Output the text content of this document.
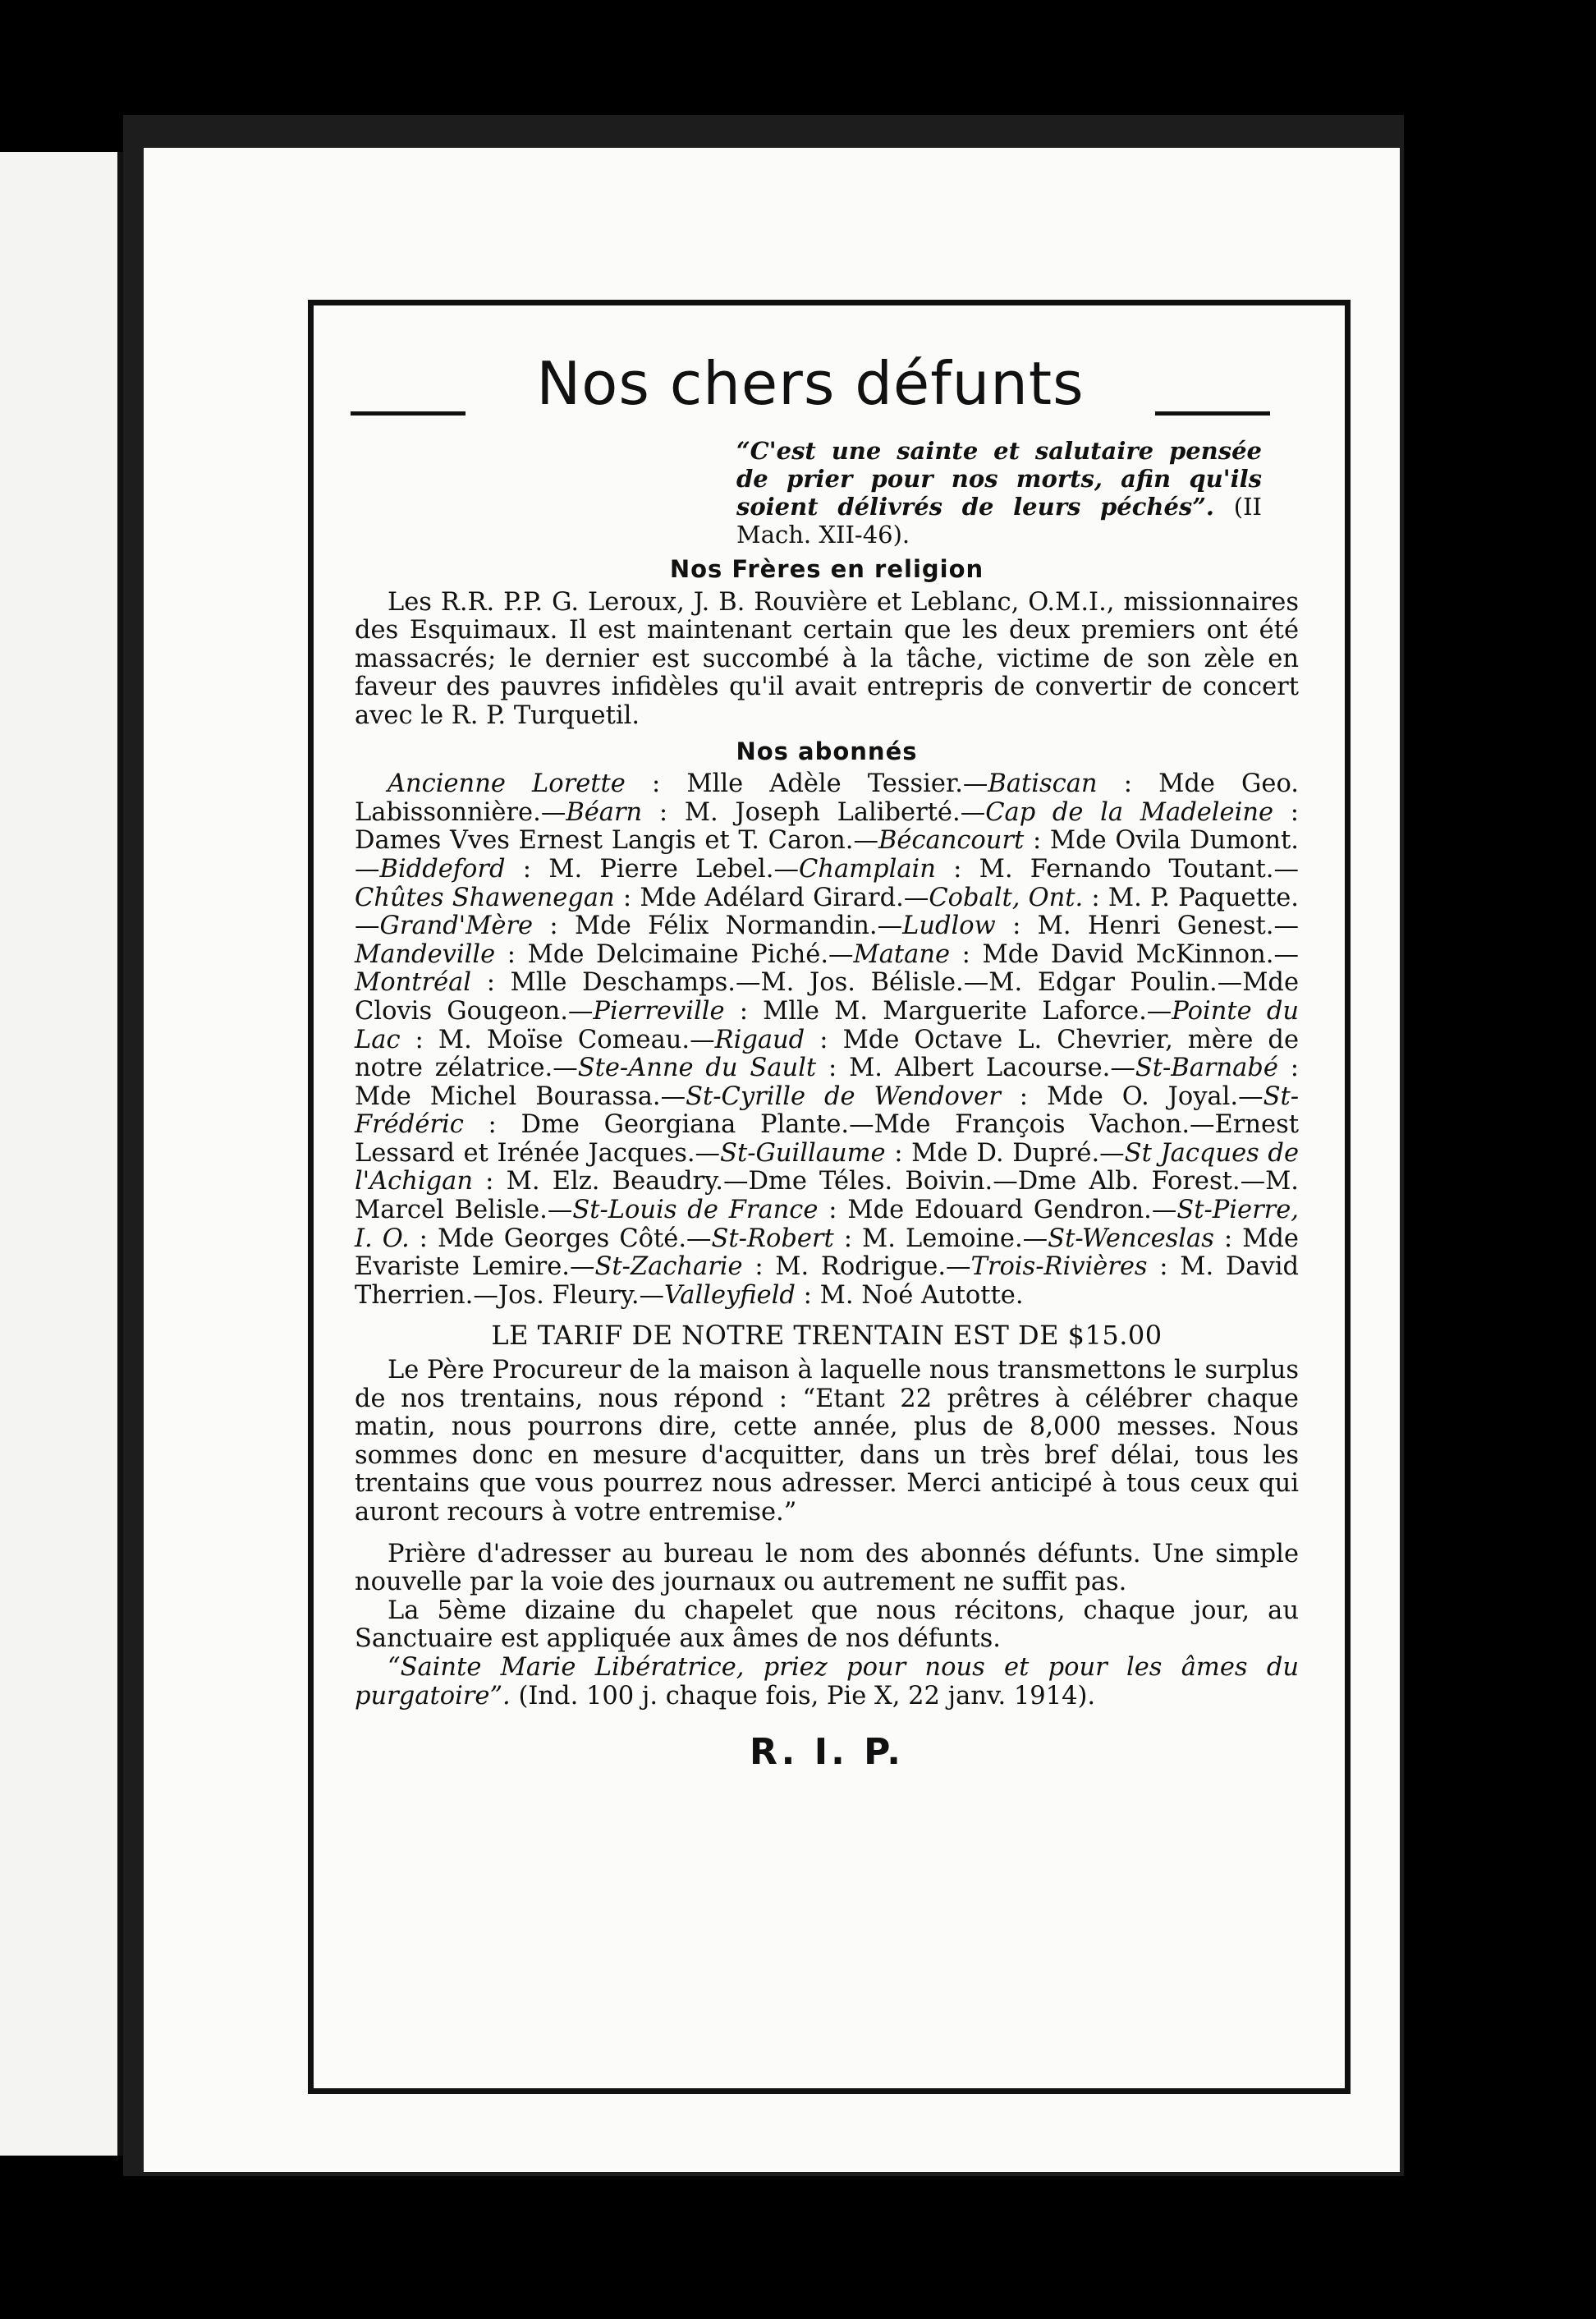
Nos chers défunts
“C'est une sainte et salutaire pensée de prier pour nos morts, afin qu'ils soient délivrés de leurs péchés”. (II Mach. XII-46).
Nos Frères en religion

Les R.R. P.P. G. Leroux, J. B. Rouvière et Leblanc, O.M.I., missionnaires des Esquimaux. Il est maintenant certain que les deux premiers ont été massacrés; le dernier est succombé à la tâche, victime de son zèle en faveur des pauvres infidèles qu'il avait entrepris de convertir de concert avec le R. P. Turquetil.

Nos abonnés

Ancienne Lorette : Mlle Adèle Tessier.—Batiscan : Mde Geo. Labissonnière.—Béarn : M. Joseph Laliberté.—Cap de la Madeleine : Dames Vves Ernest Langis et T. Caron.—Bécancourt : Mde Ovila Dumont.—Biddeford : M. Pierre Lebel.—Champlain : M. Fernando Toutant.—Chûtes Shawenegan : Mde Adélard Girard.—Cobalt, Ont. : M. P. Paquette.—Grand'Mère : Mde Félix Normandin.—Ludlow : M. Henri Genest.—Mandeville : Mde Delcimaine Piché.—Matane : Mde David McKinnon.—Montréal : Mlle Deschamps.—M. Jos. Bélisle.—M. Edgar Poulin.—Mde Clovis Gougeon.—Pierreville : Mlle M. Marguerite Laforce.—Pointe du Lac : M. Moïse Comeau.—Rigaud : Mde Octave L. Chevrier, mère de notre zélatrice.—Ste-Anne du Sault : M. Albert Lacourse.—St-Barnabé : Mde Michel Bourassa.—St-Cyrille de Wendover : Mde O. Joyal.—St-Frédéric : Dme Georgiana Plante.—Mde François Vachon.—Ernest Lessard et Irénée Jacques.—St-Guillaume : Mde D. Dupré.—St Jacques de l'Achigan : M. Elz. Beaudry.—Dme Téles. Boivin.—Dme Alb. Forest.—M. Marcel Belisle.—St-Louis de France : Mde Edouard Gendron.—St-Pierre, I. O. : Mde Georges Côté.—St-Robert : M. Lemoine.—St-Wenceslas : Mde Evariste Lemire.—St-Zacharie : M. Rodrigue.—Trois-Rivières : M. David Therrien.—Jos. Fleury.—Valleyfield : M. Noé Autotte.

LE TARIF DE NOTRE TRENTAIN EST DE $15.00

Le Père Procureur de la maison à laquelle nous transmettons le surplus de nos trentains, nous répond : “Etant 22 prêtres à célébrer chaque matin, nous pourrons dire, cette année, plus de 8,000 messes. Nous sommes donc en mesure d'acquitter, dans un très bref délai, tous les trentains que vous pourrez nous adresser. Merci anticipé à tous ceux qui auront recours à votre entremise.”

Prière d'adresser au bureau le nom des abonnés défunts. Une simple nouvelle par la voie des journaux ou autrement ne suffit pas.

La 5ème dizaine du chapelet que nous récitons, chaque jour, au Sanctuaire est appliquée aux âmes de nos défunts.

“Sainte Marie Libératrice, priez pour nous et pour les âmes du purgatoire”. (Ind. 100 j. chaque fois, Pie X, 22 janv. 1914).

R. I. P.
